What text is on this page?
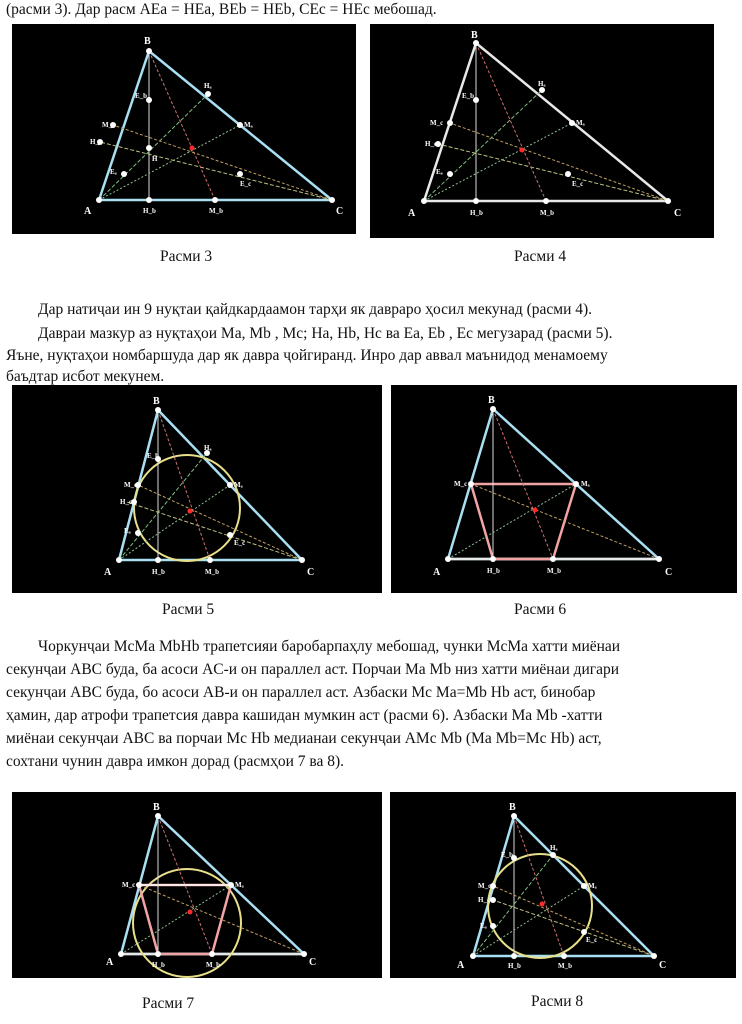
(расми 3). Дар расм AEa = HEa, BEb = HEb, CEc = HEc мебошад.
A
B
C
Hₐ
Mₐ
M_c
H_c
H
E_b
Eₐ
E_c
H_b	M_b
Расми 3
A
B
C
Hₐ
Mₐ
M_c
H_c
E_b
Eₐ
E_c
H_b	M_b
Расми 4
Дар натиҷаи ин 9 нуқтаи қайдкардаамон тарҳи як давраро ҳосил мекунад (расми 4).
Давраи мазкур аз нуқтаҳои Ma, Mb , Mc; Ha, Hb, Hc ва Ea, Eb , Ec мегузарад (расми 5).
Яъне, нуқтаҳои номбаршуда дар як давра ҷойгиранд. Инро дар аввал маънидод менамоему
баъдтар исбот мекунем.
A
B
C
Hₐ
Mₐ
M_c
H_c
E_b
Eₐ
E_c
H_b	M_b
Расми 5
A
B
C
M_c	Mₐ
H_b	M_b
Расми 6
Чоркунҷаи McMa MbHb трапетсияи баробарпаҳлу мебошад, чунки McMa хатти миёнаи
секунҷаи ABC буда, ба асоси AC-и он параллел аст. Порчаи Ma Mb низ хатти миёнаи дигари
секунҷаи ABC буда, бо асоси AB-и он параллел аст. Азбаски Mc Ma=Mb Hb аст, бинобар
ҳамин, дар атрофи трапетсия давра кашидан мумкин аст (расми 6). Азбаски Ma Mb -хатти
миёнаи секунҷаи ABC ва порчаи Mc Hb медианаи секунҷаи AMc Mb (Ma Mb=Mc Hb) аст,
сохтани чунин давра имкон дорад (расмҳои 7 ва 8).
A
B
C
M_c	Mₐ
H_b	M_b
Расми 7
A
B
C
Hₐ
Mₐ
M_c
H_c
E_b
Eₐ
E_c
H_b	M_b
Расми 8
